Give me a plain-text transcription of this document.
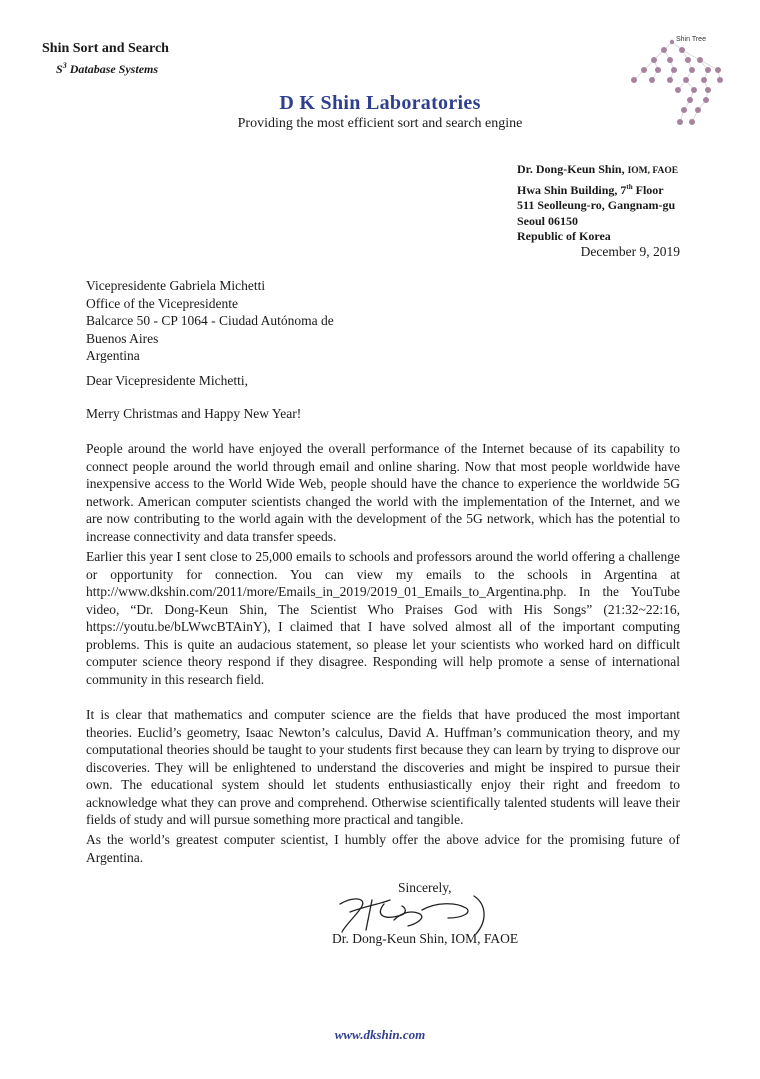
Shin Sort and Search
$S^3$ Database Systems
Shin Tree
D K Shin Laboratories
Providing the most efficient sort and search engine
Dr. Dong-Keun Shin, IOM, FAOE
Hwa Shin Building, 7th Floor
511 Seolleung-ro, Gangnam-gu
Seoul 06150
Republic of Korea
December 9, 2019
Vicepresidente Gabriela Michetti
Office of the Vicepresidente
Balcarce 50 - CP 1064 - Ciudad Autónoma de
Buenos Aires
Argentina
Dear Vicepresidente Michetti,
Merry Christmas and Happy New Year!

People around the world have enjoyed the overall performance of the Internet because of its capability to connect people around the world through email and online sharing. Now that most people worldwide have inexpensive access to the World Wide Web, people should have the chance to experience the worldwide 5G network. American computer scientists changed the world with the implementation of the Internet, and we are now contributing to the world again with the development of the 5G network, which has the potential to increase connectivity and data transfer speeds.

Earlier this year I sent close to 25,000 emails to schools and professors around the world offering a challenge or opportunity for connection. You can view my emails to the schools in Argentina at http://www.dkshin.com/2011/more/Emails_in_2019/2019_01_Emails_to_Argentina.php. In the YouTube video, “Dr. Dong-Keun Shin, The Scientist Who Praises God with His Songs” (21:32~22:16, https://youtu.be/bLWwcBTAinY), I claimed that I have solved almost all of the important computing problems. This is quite an audacious statement, so please let your scientists who worked hard on difficult computer science theory respond if they disagree. Responding will help promote a sense of international community in this research field.

It is clear that mathematics and computer science are the fields that have produced the most important theories. Euclid’s geometry, Isaac Newton’s calculus, David A. Huffman’s communication theory, and my computational theories should be taught to your students first because they can learn by trying to disprove our discoveries. They will be enlightened to understand the discoveries and might be inspired to pursue their own. The educational system should let students enthusiastically enjoy their right and freedom to acknowledge what they can prove and comprehend. Otherwise scientifically talented students will leave their fields of study and will pursue something more practical and tangible.

As the world’s greatest computer scientist, I humbly offer the above advice for the promising future of Argentina.

Sincerely,
Dr. Dong-Keun Shin, IOM, FAOE
www.dkshin.com
